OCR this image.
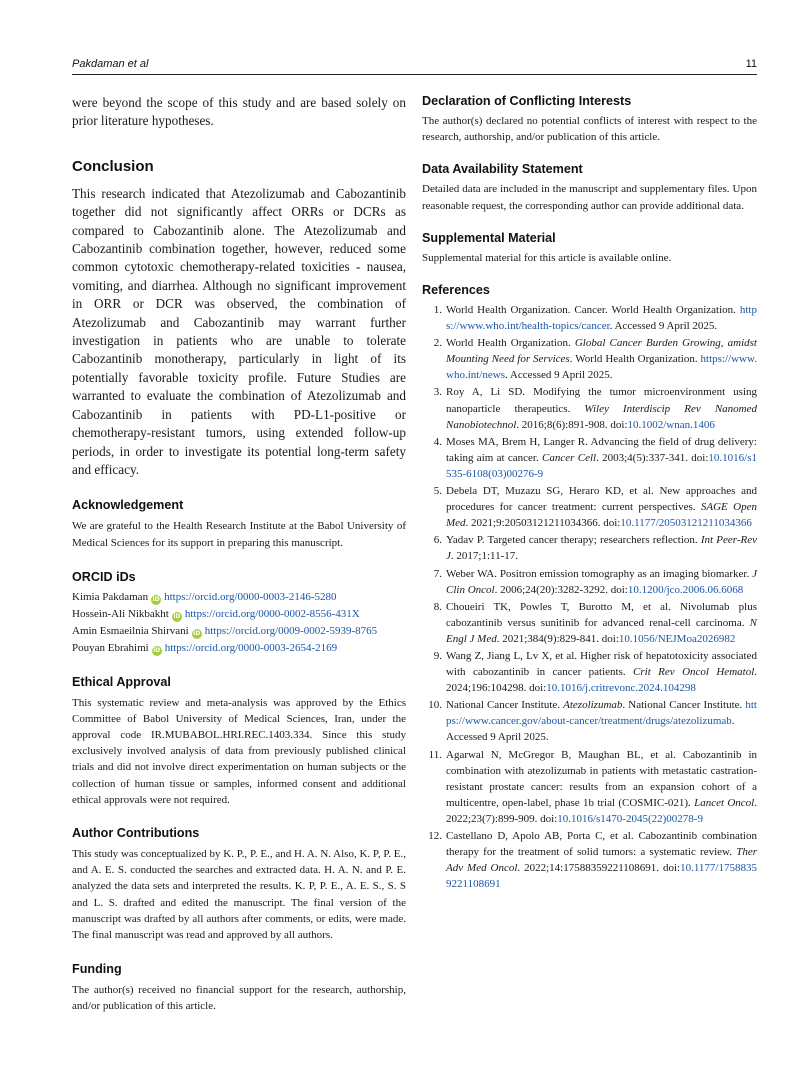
Pakdaman et al	11

were beyond the scope of this study and are based solely on prior literature hypotheses.

Conclusion

This research indicated that Atezolizumab and Cabozantinib together did not significantly affect ORRs or DCRs as compared to Cabozantinib alone. The Atezolizumab and Cabozantinib combination together, however, reduced some common cytotoxic chemotherapy-related toxicities - nausea, vomiting, and diarrhea. Although no significant improvement in ORR or DCR was observed, the combination of Atezolizumab and Cabozantinib may warrant further investigation in patients who are unable to tolerate Cabozantinib monotherapy, particularly in light of its potentially favorable toxicity profile. Future Studies are warranted to evaluate the combination of Atezolizumab and Cabozantinib in patients with PD-L1-positive or chemotherapy-resistant tumors, using extended follow-up periods, in order to investigate its potential long-term safety and efficacy.

Acknowledgement

We are grateful to the Health Research Institute at the Babol University of Medical Sciences for its support in preparing this manuscript.

ORCID iDs
Kimia Pakdaman iD https://orcid.org/0000-0003-2146-5280
Hossein-Ali Nikbakht iD https://orcid.org/0000-0002-8556-431X
Amin Esmaeilnia Shirvani iD https://orcid.org/0009-0002-5939-8765
Pouyan Ebrahimi iD https://orcid.org/0000-0003-2654-2169
Ethical Approval

This systematic review and meta-analysis was approved by the Ethics Committee of Babol University of Medical Sciences, Iran, under the approval code IR.MUBABOL.HRI.REC.1403.334. Since this study exclusively involved analysis of data from previously published clinical trials and did not involve direct experimentation on human subjects or the collection of human tissue or samples, informed consent and additional ethical approvals were not required.

Author Contributions

This study was conceptualized by K. P., P. E., and H. A. N. Also, K. P, P. E., and A. E. S. conducted the searches and extracted data. H. A. N. and P. E. analyzed the data sets and interpreted the results. K. P, P. E., A. E. S., S. S and L. S. drafted and edited the manuscript. The final version of the manuscript was drafted by all authors after comments, or edits, were made. The final manuscript was read and approved by all authors.

Funding

The author(s) received no financial support for the research, authorship, and/or publication of this article.

Declaration of Conflicting Interests

The author(s) declared no potential conflicts of interest with respect to the research, authorship, and/or publication of this article.

Data Availability Statement

Detailed data are included in the manuscript and supplementary files. Upon reasonable request, the corresponding author can provide additional data.

Supplemental Material

Supplemental material for this article is available online.

References
1 . World Health Organization. Cancer. World Health Organization. https://www.who.int/health-topics/cancer. Accessed 9 April 2025.
2 . World Health Organization. Global Cancer Burden Growing, amidst Mounting Need for Services. World Health Organization. https://www.who.int/news. Accessed 9 April 2025.
3 . Roy A, Li SD. Modifying the tumor microenvironment using nanoparticle therapeutics. Wiley Interdiscip Rev Nanomed Nanobiotechnol. 2016;8(6):891-908. doi:10.1002/wnan.1406
4 . Moses MA, Brem H, Langer R. Advancing the field of drug delivery: taking aim at cancer. Cancer Cell. 2003;4(5):337-341. doi:10.1016/s1535-6108(03)00276-9
5 . Debela DT, Muzazu SG, Heraro KD, et al. New approaches and procedures for cancer treatment: current perspectives. SAGE Open Med. 2021;9:20503121211034366. doi:10.1177/20503121211034366
6 . Yadav P. Targeted cancer therapy; researchers reflection. Int Peer-Rev J. 2017;1:11-17.
7 . Weber WA. Positron emission tomography as an imaging biomarker. J Clin Oncol. 2006;24(20):3282-3292. doi:10.1200/jco.2006.06.6068
8 . Choueiri TK, Powles T, Burotto M, et al. Nivolumab plus cabozantinib versus sunitinib for advanced renal-cell carcinoma. N Engl J Med. 2021;384(9):829-841. doi:10.1056/NEJMoa2026982
9 . Wang Z, Jiang L, Lv X, et al. Higher risk of hepatotoxicity associated with cabozantinib in cancer patients. Crit Rev Oncol Hematol. 2024;196:104298. doi:10.1016/j.critrevonc.2024.104298
10 . National Cancer Institute. Atezolizumab. National Cancer Institute. https://www.cancer.gov/about-cancer/treatment/drugs/atezolizumab. Accessed 9 April 2025.
11 . Agarwal N, McGregor B, Maughan BL, et al. Cabozantinib in combination with atezolizumab in patients with metastatic castration-resistant prostate cancer: results from an expansion cohort of a multicentre, open-label, phase 1b trial (COSMIC-021). Lancet Oncol. 2022;23(7):899-909. doi:10.1016/s1470-2045(22)00278-9
12 . Castellano D, Apolo AB, Porta C, et al. Cabozantinib combination therapy for the treatment of solid tumors: a systematic review. Ther Adv Med Oncol. 2022;14:17588359221108691. doi:10.1177/17588359221108691
